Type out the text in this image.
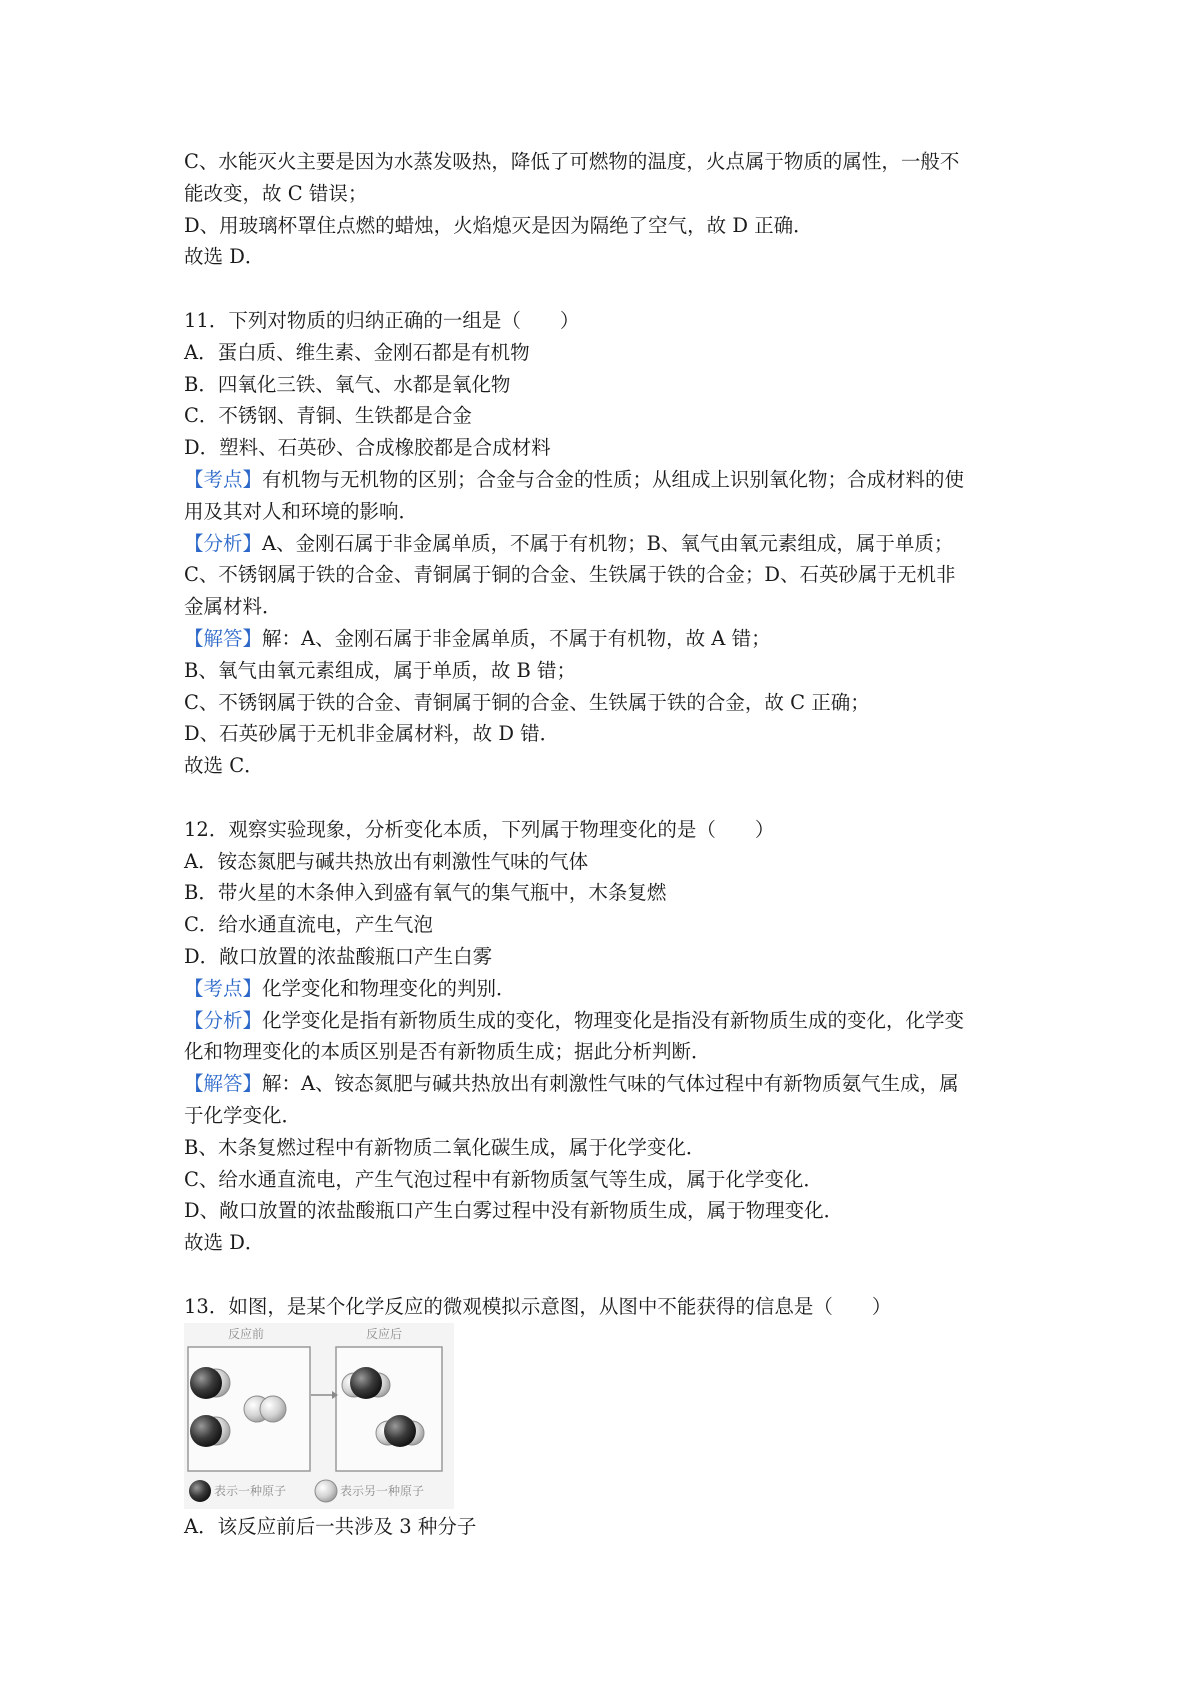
C、水能灭火主要是因为水蒸发吸热，降低了可燃物的温度，火点属于物质的属性，一般不
能改变，故 C 错误；
D、用玻璃杯罩住点燃的蜡烛，火焰熄灭是因为隔绝了空气，故 D 正确．
故选 D．
11．下列对物质的归纳正确的一组是（　　）
A．蛋白质、维生素、金刚石都是有机物
B．四氧化三铁、氧气、水都是氧化物
C．不锈钢、青铜、生铁都是合金
D．塑料、石英砂、合成橡胶都是合成材料
【考点】有机物与无机物的区别；合金与合金的性质；从组成上识别氧化物；合成材料的使
用及其对人和环境的影响．
【分析】A、金刚石属于非金属单质，不属于有机物；B、氧气由氧元素组成，属于单质；
C、不锈钢属于铁的合金、青铜属于铜的合金、生铁属于铁的合金；D、石英砂属于无机非
金属材料．
【解答】解：A、金刚石属于非金属单质，不属于有机物，故 A 错；
B、氧气由氧元素组成，属于单质，故 B 错；
C、不锈钢属于铁的合金、青铜属于铜的合金、生铁属于铁的合金，故 C 正确；
D、石英砂属于无机非金属材料，故 D 错．
故选 C．
12．观察实验现象，分析变化本质，下列属于物理变化的是（　　）
A．铵态氮肥与碱共热放出有刺激性气味的气体
B．带火星的木条伸入到盛有氧气的集气瓶中，木条复燃
C．给水通直流电，产生气泡
D．敞口放置的浓盐酸瓶口产生白雾
【考点】化学变化和物理变化的判别．
【分析】化学变化是指有新物质生成的变化，物理变化是指没有新物质生成的变化，化学变
化和物理变化的本质区别是否有新物质生成；据此分析判断．
【解答】解：A、铵态氮肥与碱共热放出有刺激性气味的气体过程中有新物质氨气生成，属
于化学变化．
B、木条复燃过程中有新物质二氧化碳生成，属于化学变化．
C、给水通直流电，产生气泡过程中有新物质氢气等生成，属于化学变化．
D、敞口放置的浓盐酸瓶口产生白雾过程中没有新物质生成，属于物理变化．
故选 D．
13．如图，是某个化学反应的微观模拟示意图，从图中不能获得的信息是（　　）
反应前	反应后
表示一种原子	表示另一种原子
A．该反应前后一共涉及 3 种分子
